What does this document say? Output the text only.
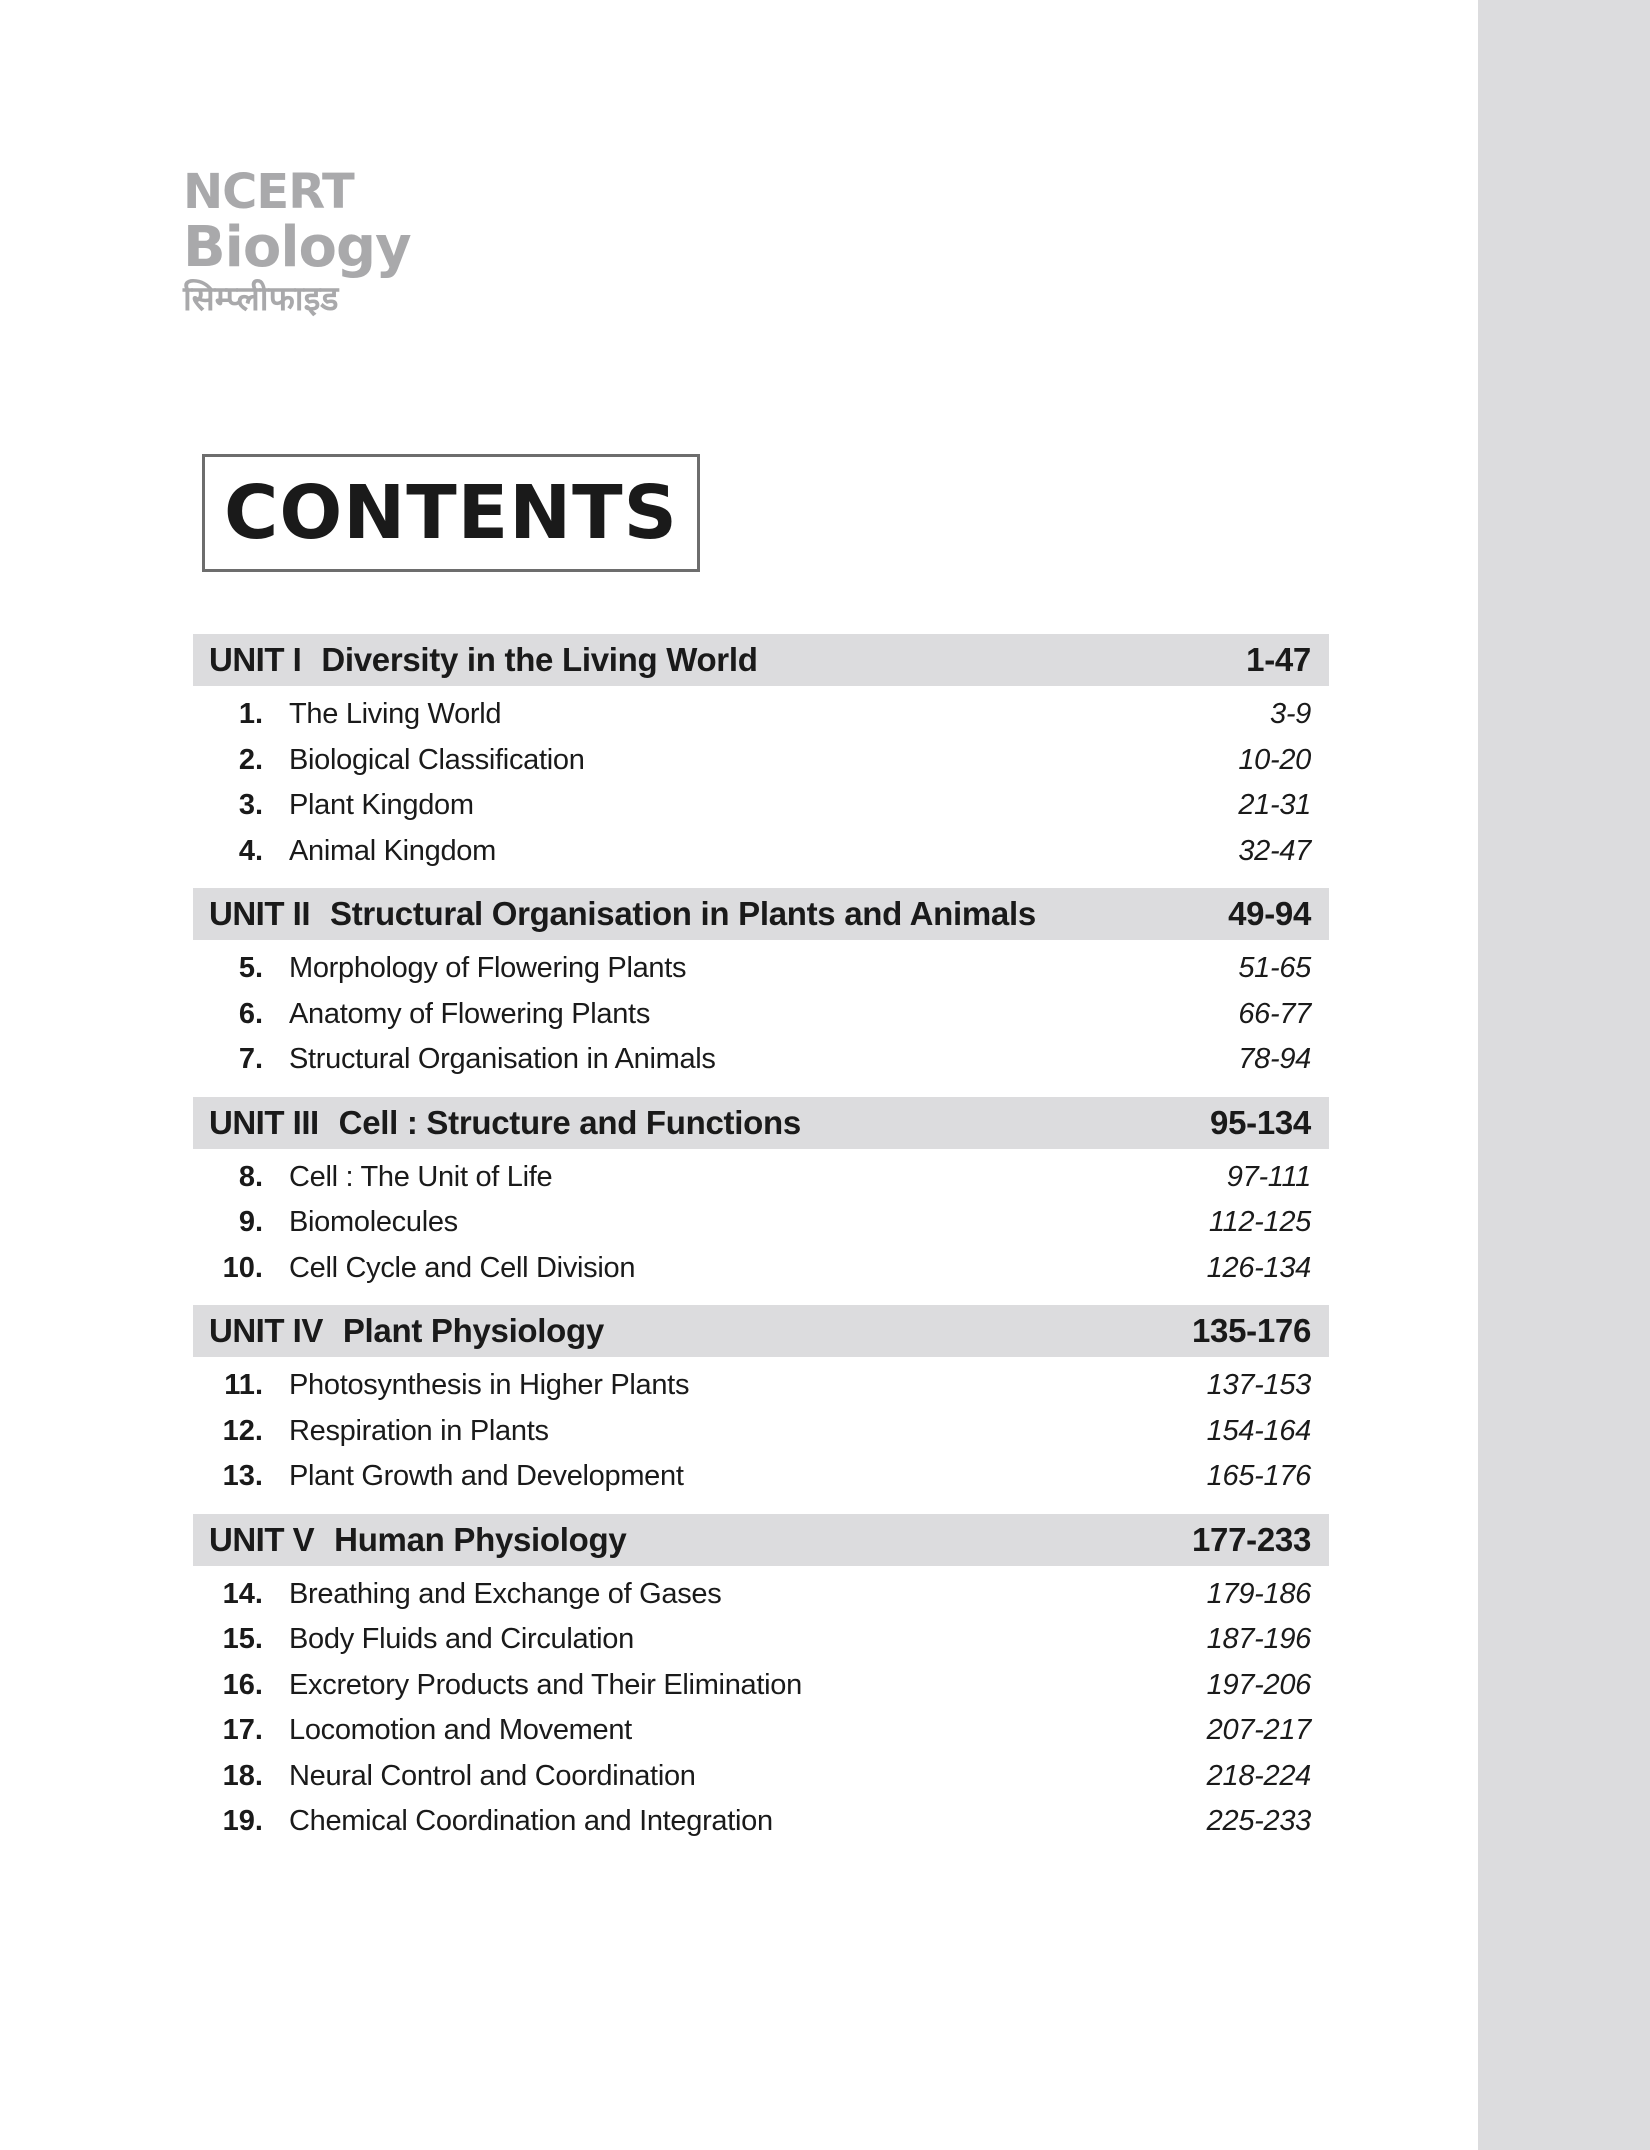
NCERT
Biology
सिम्प्लीफाइड
CONTENTS
UNIT I Diversity in the Living World	1-47
1. The Living World	3-9
2. Biological Classification	10-20
3. Plant Kingdom	21-31
4. Animal Kingdom	32-47
UNIT II Structural Organisation in Plants and Animals	49-94
5. Morphology of Flowering Plants	51-65
6. Anatomy of Flowering Plants	66-77
7. Structural Organisation in Animals	78-94
UNIT III Cell : Structure and Functions	95-134
8. Cell : The Unit of Life	97-111
9. Biomolecules	112-125
10. Cell Cycle and Cell Division	126-134
UNIT IV Plant Physiology	135-176
11. Photosynthesis in Higher Plants	137-153
12. Respiration in Plants	154-164
13. Plant Growth and Development	165-176
UNIT V Human Physiology	177-233
14. Breathing and Exchange of Gases	179-186
15. Body Fluids and Circulation	187-196
16. Excretory Products and Their Elimination	197-206
17. Locomotion and Movement	207-217
18. Neural Control and Coordination	218-224
19. Chemical Coordination and Integration	225-233
